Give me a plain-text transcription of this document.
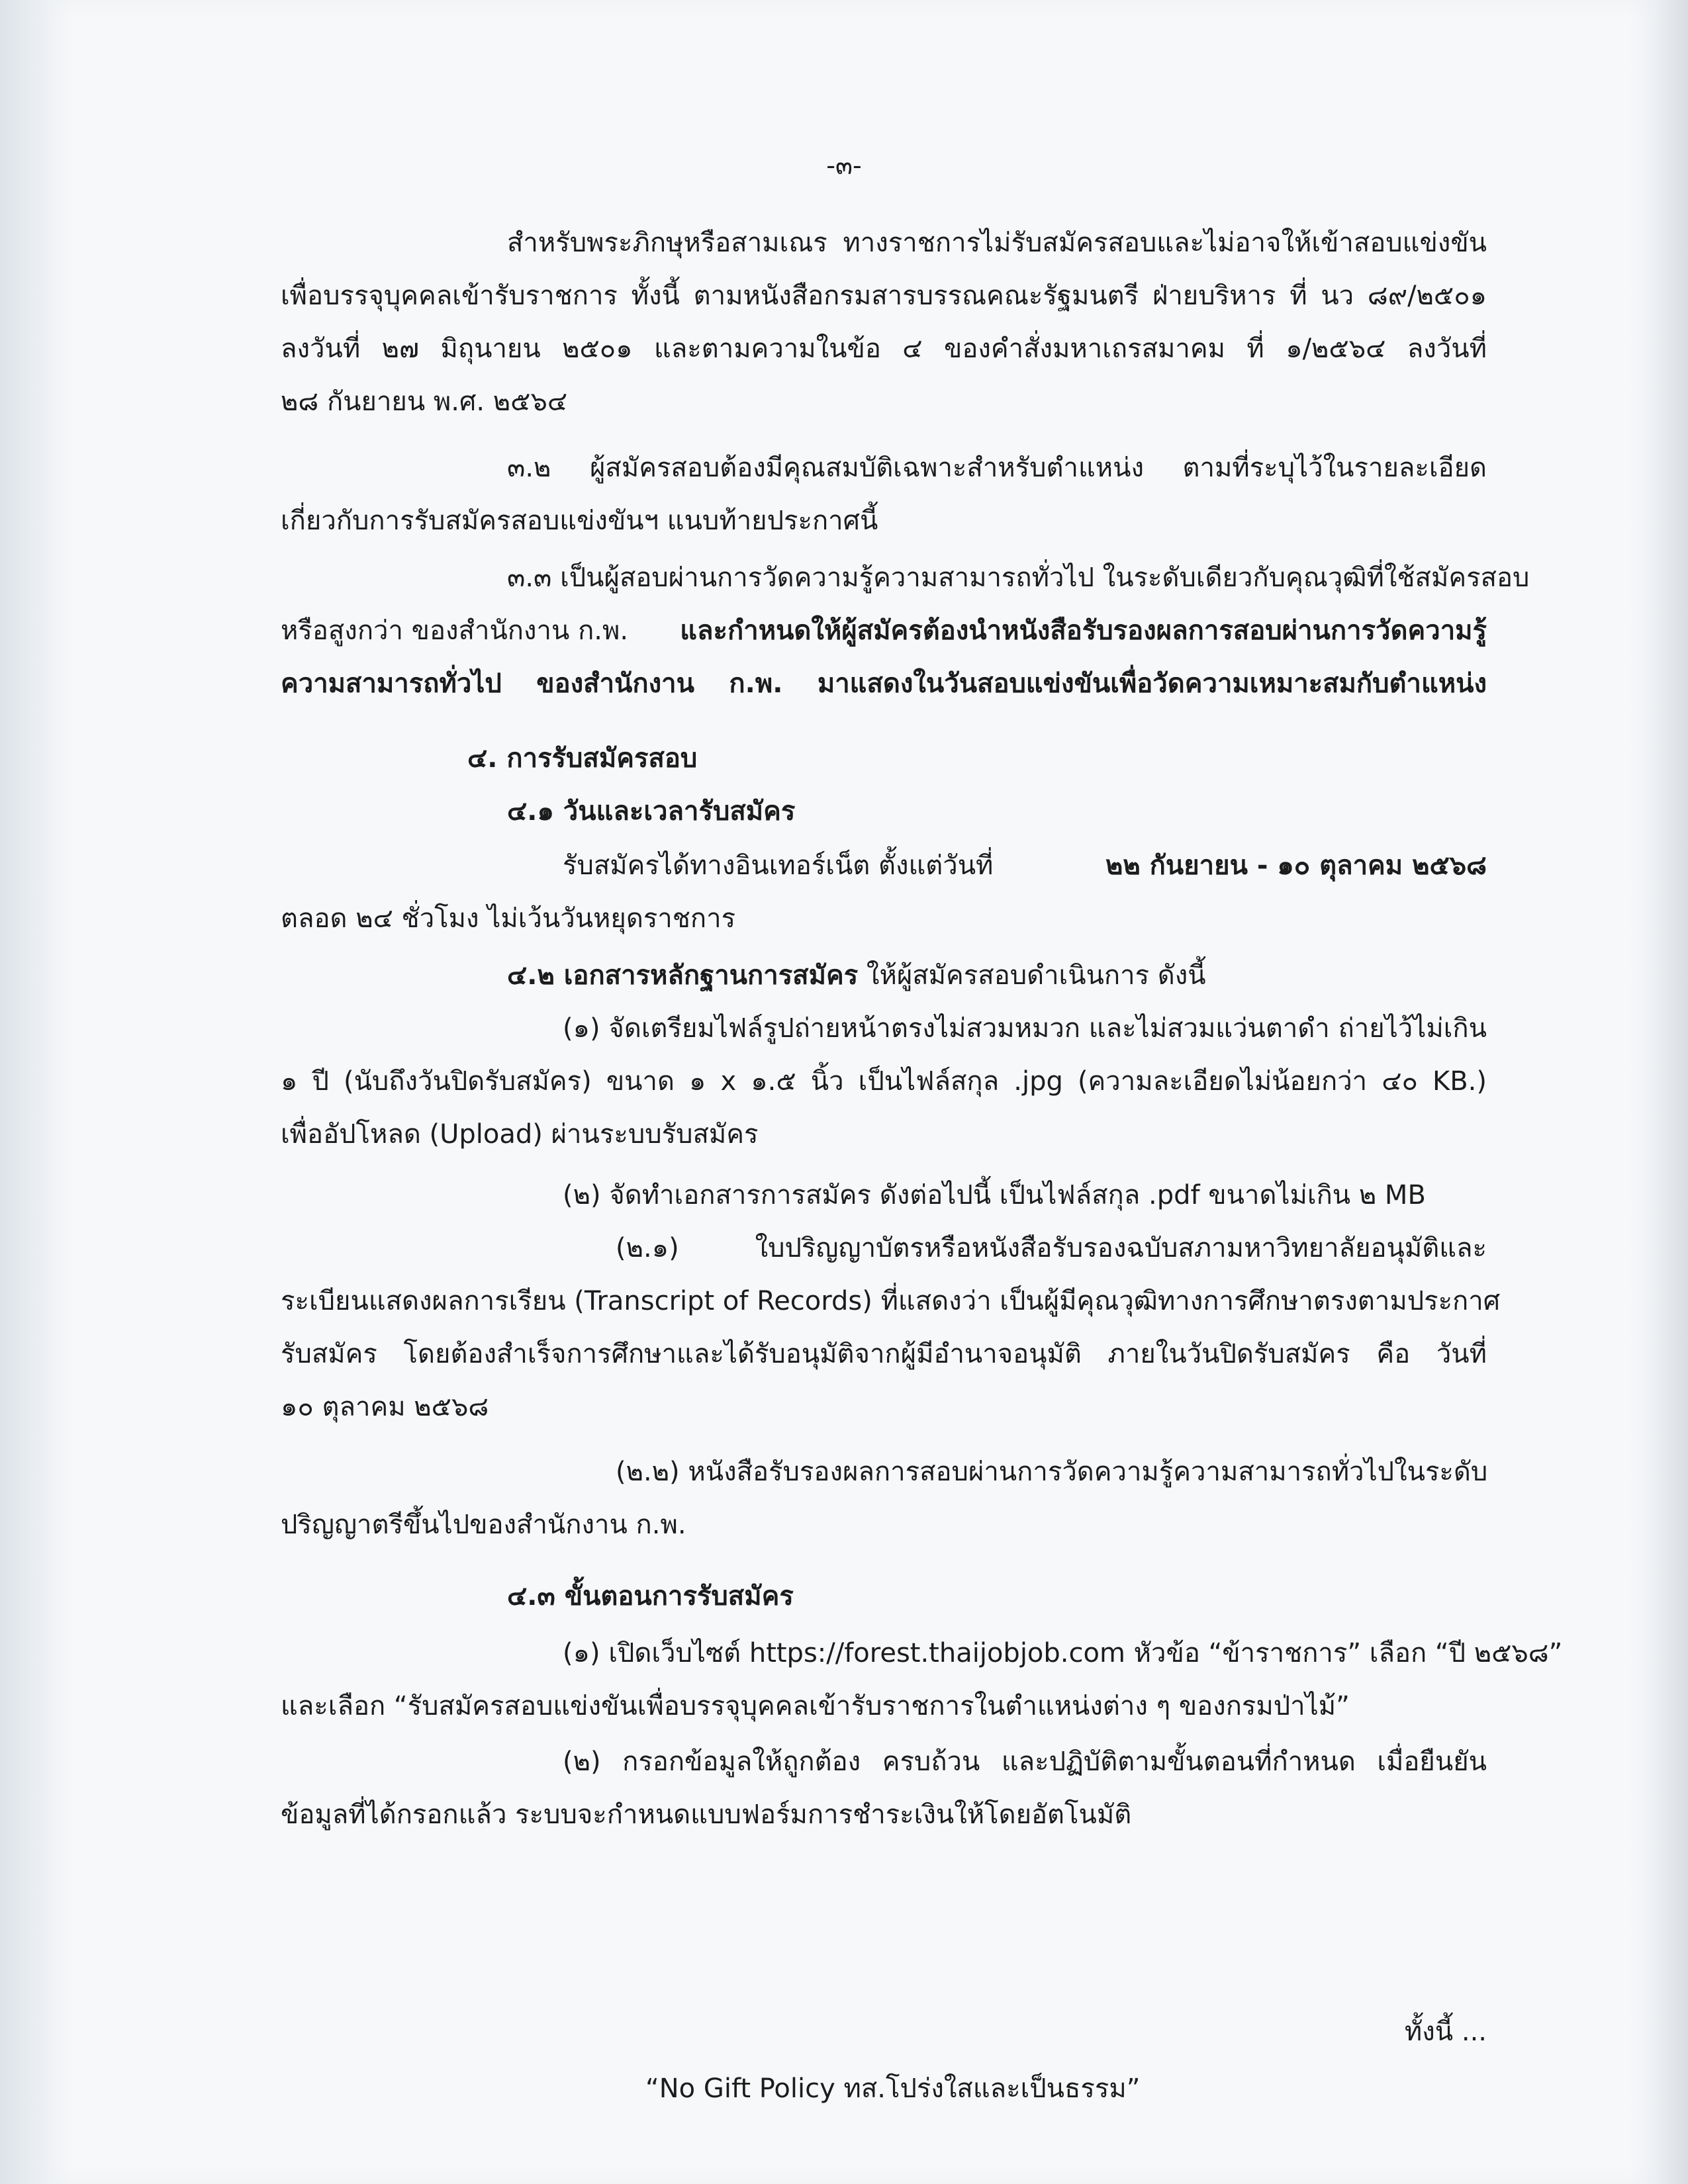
-๓-
สำหรับพระภิกษุหรือสามเณร ทางราชการไม่รับสมัครสอบและไม่อาจให้เข้าสอบแข่งขัน
เพื่อบรรจุบุคคลเข้ารับราชการ ทั้งนี้ ตามหนังสือกรมสารบรรณคณะรัฐมนตรี ฝ่ายบริหาร ที่ นว ๘๙/๒๕๐๑
ลงวันที่ ๒๗ มิถุนายน ๒๕๐๑ และตามความในข้อ ๔ ของคำสั่งมหาเถรสมาคม ที่ ๑/๒๕๖๔ ลงวันที่
๒๘ กันยายน พ.ศ. ๒๕๖๔
๓.๒ ผู้สมัครสอบต้องมีคุณสมบัติเฉพาะสำหรับตำแหน่ง ตามที่ระบุไว้ในรายละเอียด
เกี่ยวกับการรับสมัครสอบแข่งขันฯ แนบท้ายประกาศนี้
๓.๓ เป็นผู้สอบผ่านการวัดความรู้ความสามารถทั่วไป ในระดับเดียวกับคุณวุฒิที่ใช้สมัครสอบ
หรือสูงกว่า ของสำนักงาน ก.พ. และกำหนดให้ผู้สมัครต้องนำหนังสือรับรองผลการสอบผ่านการวัดความรู้
ความสามารถทั่วไป ของสำนักงาน ก.พ. มาแสดงในวันสอบแข่งขันเพื่อวัดความเหมาะสมกับตำแหน่ง
๔. การรับสมัครสอบ
๔.๑ วันและเวลารับสมัคร
รับสมัครได้ทางอินเทอร์เน็ต ตั้งแต่วันที่	๒๒ กันยายน - ๑๐ ตุลาคม ๒๕๖๘
ตลอด ๒๔ ชั่วโมง ไม่เว้นวันหยุดราชการ
๔.๒ เอกสารหลักฐานการสมัคร ให้ผู้สมัครสอบดำเนินการ ดังนี้
(๑) จัดเตรียมไฟล์รูปถ่ายหน้าตรงไม่สวมหมวก และไม่สวมแว่นตาดำ ถ่ายไว้ไม่เกิน
๑ ปี (นับถึงวันปิดรับสมัคร) ขนาด ๑ x ๑.๕ นิ้ว เป็นไฟล์สกุล .jpg (ความละเอียดไม่น้อยกว่า ๔๐ KB.)
เพื่ออัปโหลด (Upload) ผ่านระบบรับสมัคร
(๒) จัดทำเอกสารการสมัคร ดังต่อไปนี้ เป็นไฟล์สกุล .pdf ขนาดไม่เกิน ๒ MB
(๒.๑) ใบปริญญาบัตรหรือหนังสือรับรองฉบับสภามหาวิทยาลัยอนุมัติและ
ระเบียนแสดงผลการเรียน (Transcript of Records) ที่แสดงว่า เป็นผู้มีคุณวุฒิทางการศึกษาตรงตามประกาศ
รับสมัคร โดยต้องสำเร็จการศึกษาและได้รับอนุมัติจากผู้มีอำนาจอนุมัติ ภายในวันปิดรับสมัคร คือ วันที่
๑๐ ตุลาคม ๒๕๖๘
(๒.๒) หนังสือรับรองผลการสอบผ่านการวัดความรู้ความสามารถทั่วไปในระดับ
ปริญญาตรีขึ้นไปของสำนักงาน ก.พ.
๔.๓ ขั้นตอนการรับสมัคร
(๑) เปิดเว็บไซต์ https://forest.thaijobjob.com หัวข้อ “ข้าราชการ” เลือก “ปี ๒๕๖๘”
และเลือก “รับสมัครสอบแข่งขันเพื่อบรรจุบุคคลเข้ารับราชการในตำแหน่งต่าง ๆ ของกรมป่าไม้”
(๒) กรอกข้อมูลให้ถูกต้อง ครบถ้วน และปฏิบัติตามขั้นตอนที่กำหนด เมื่อยืนยัน
ข้อมูลที่ได้กรอกแล้ว ระบบจะกำหนดแบบฟอร์มการชำระเงินให้โดยอัตโนมัติ
ทั้งนี้ ...
“No Gift Policy ทส.โปร่งใสและเป็นธรรม”
